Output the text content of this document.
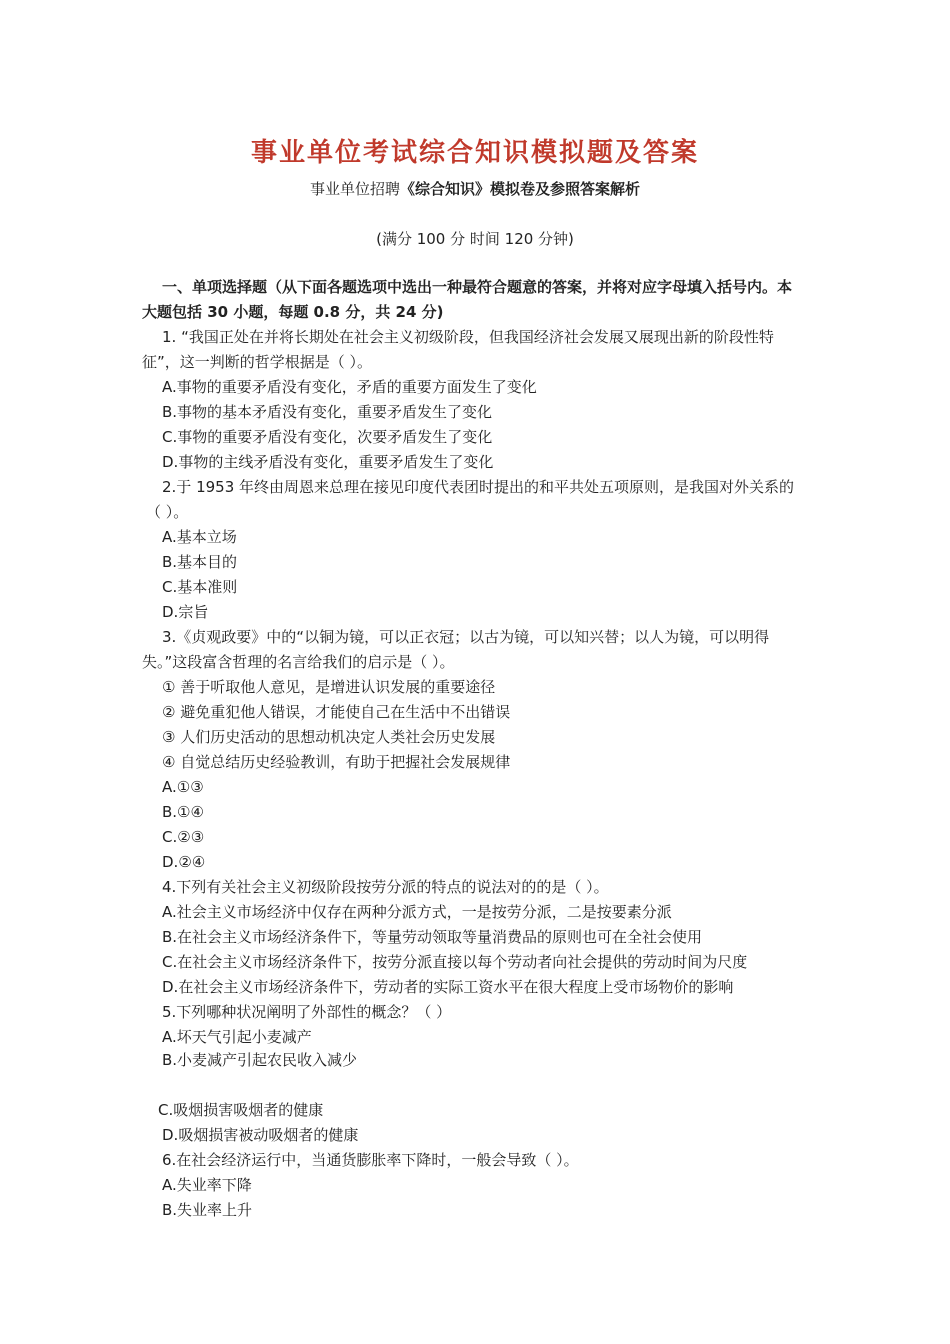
事业单位考试综合知识模拟题及答案
事业单位招聘《综合知识》模拟卷及参照答案解析
(满分 100 分 时间 120 分钟)
一、单项选择题（从下面各题选项中选出一种最符合题意的答案，并将对应字母填入括号内。本
大题包括 30 小题，每题 0.8 分，共 24 分)
1. “我国正处在并将长期处在社会主义初级阶段，但我国经济社会发展又展现出新的阶段性特
征”，这一判断的哲学根据是（ ）。
A.事物的重要矛盾没有变化，矛盾的重要方面发生了变化
B.事物的基本矛盾没有变化，重要矛盾发生了变化
C.事物的重要矛盾没有变化，次要矛盾发生了变化
D.事物的主线矛盾没有变化，重要矛盾发生了变化
2.于 1953 年终由周恩来总理在接见印度代表团时提出的和平共处五项原则，是我国对外关系的
（ ）。
A.基本立场
B.基本目的
C.基本准则
D.宗旨
3.《贞观政要》中的“以铜为镜，可以正衣冠；以古为镜，可以知兴替；以人为镜，可以明得
失。”这段富含哲理的名言给我们的启示是（ ）。
① 善于听取他人意见，是增进认识发展的重要途径
② 避免重犯他人错误，才能使自己在生活中不出错误
③ 人们历史活动的思想动机决定人类社会历史发展
④ 自觉总结历史经验教训，有助于把握社会发展规律
A.①③
B.①④
C.②③
D.②④
4.下列有关社会主义初级阶段按劳分派的特点的说法对的的是（ ）。
A.社会主义市场经济中仅存在两种分派方式，一是按劳分派，二是按要素分派
B.在社会主义市场经济条件下，等量劳动领取等量消费品的原则也可在全社会使用
C.在社会主义市场经济条件下，按劳分派直接以每个劳动者向社会提供的劳动时间为尺度
D.在社会主义市场经济条件下，劳动者的实际工资水平在很大程度上受市场物价的影响
5.下列哪种状况阐明了外部性的概念？（ ）
A.坏天气引起小麦减产
B.小麦减产引起农民收入减少
C.吸烟损害吸烟者的健康
D.吸烟损害被动吸烟者的健康
6.在社会经济运行中，当通货膨胀率下降时，一般会导致（ ）。
A.失业率下降
B.失业率上升
